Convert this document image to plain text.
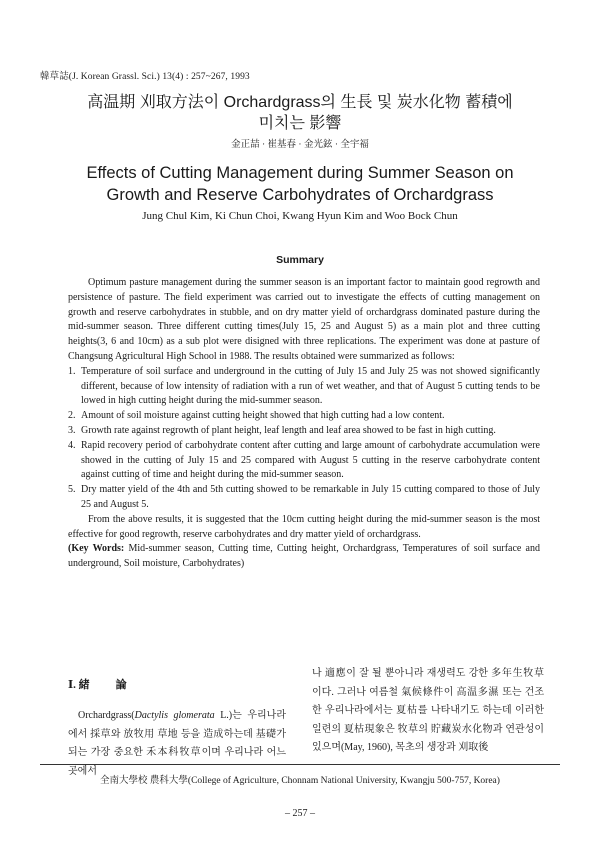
韓草誌(J. Korean Grassl. Sci.) 13(4) : 257~267, 1993
高温期 刈取方法이 Orchardgrass의 生長 및 炭水化物 蓄積에
미치는 影響
金正喆 · 崔基春 · 金光鉉 · 全宇福
Effects of Cutting Management during Summer Season on
Growth and Reserve Carbohydrates of Orchardgrass
Jung Chul Kim, Ki Chun Choi, Kwang Hyun Kim and Woo Bock Chun
Summary

Optimum pasture management during the summer season is an important factor to maintain good regrowth and persistence of pasture. The field experiment was carried out to investigate the effects of cutting management on growth and reserve carbohydrates in stubble, and on dry matter yield of orchardgrass dominated pasture during the mid-summer season. Three different cutting times(July 15, 25 and August 5) as a main plot and three cutting heights(3, 6 and 10cm) as a sub plot were disigned with three replications. The experiment was done at pasture of Changsung Agricultural High School in 1988. The results obtained were summarized as follows:

1. Temperature of soil surface and underground in the cutting of July 15 and July 25 was not showed significantly different, because of low intensity of radiation with a run of wet weather, and that of August 5 cutting tends to be lowed in high cutting height during the mid-summer season.
2. Amount of soil moisture against cutting height showed that high cutting had a low content.
3. Growth rate against regrowth of plant height, leaf length and leaf area showed to be fast in high cutting.
4. Rapid recovery period of carbohydrate content after cutting and large amount of carbohydrate accumulation were showed in the cutting of July 15 and 25 compared with August 5 cutting in the reserve carbohydrate content against cutting of time and height during the mid-summer season.
5. Dry matter yield of the 4th and 5th cutting showed to be remarkable in July 15 cutting compared to those of July 25 and August 5.

From the above results, it is suggested that the 10cm cutting height during the mid-summer season is the most effective for good regrowth, reserve carbohydrates and dry matter yield of orchardgrass.

(Key Words: Mid-summer season, Cutting time, Cutting height, Orchardgrass, Temperatures of soil surface and underground, Soil moisture, Carbohydrates)

Ⅰ. 緒 論

Orchardgrass(Dactylis glomerata L.)는 우리나라에서 採草와 放牧用 草地 등을 造成하는데 基礎가 되는 가장 중요한 禾本科牧草이며 우리나라 어느 곳에서

나 適應이 잘 될 뿐아니라 재생력도 강한 多年生牧草이다. 그러나 여름철 氣候條件이 高温多濕 또는 건조한 우리나라에서는 夏枯를 나타내기도 하는데 이러한 일련의 夏枯現象은 牧草의 貯藏炭水化物과 연관성이 있으며(May, 1960), 목초의 생장과 刈取後

全南大學校 農科大學(College of Agriculture, Chonnam National University, Kwangju 500-757, Korea)
– 257 –
